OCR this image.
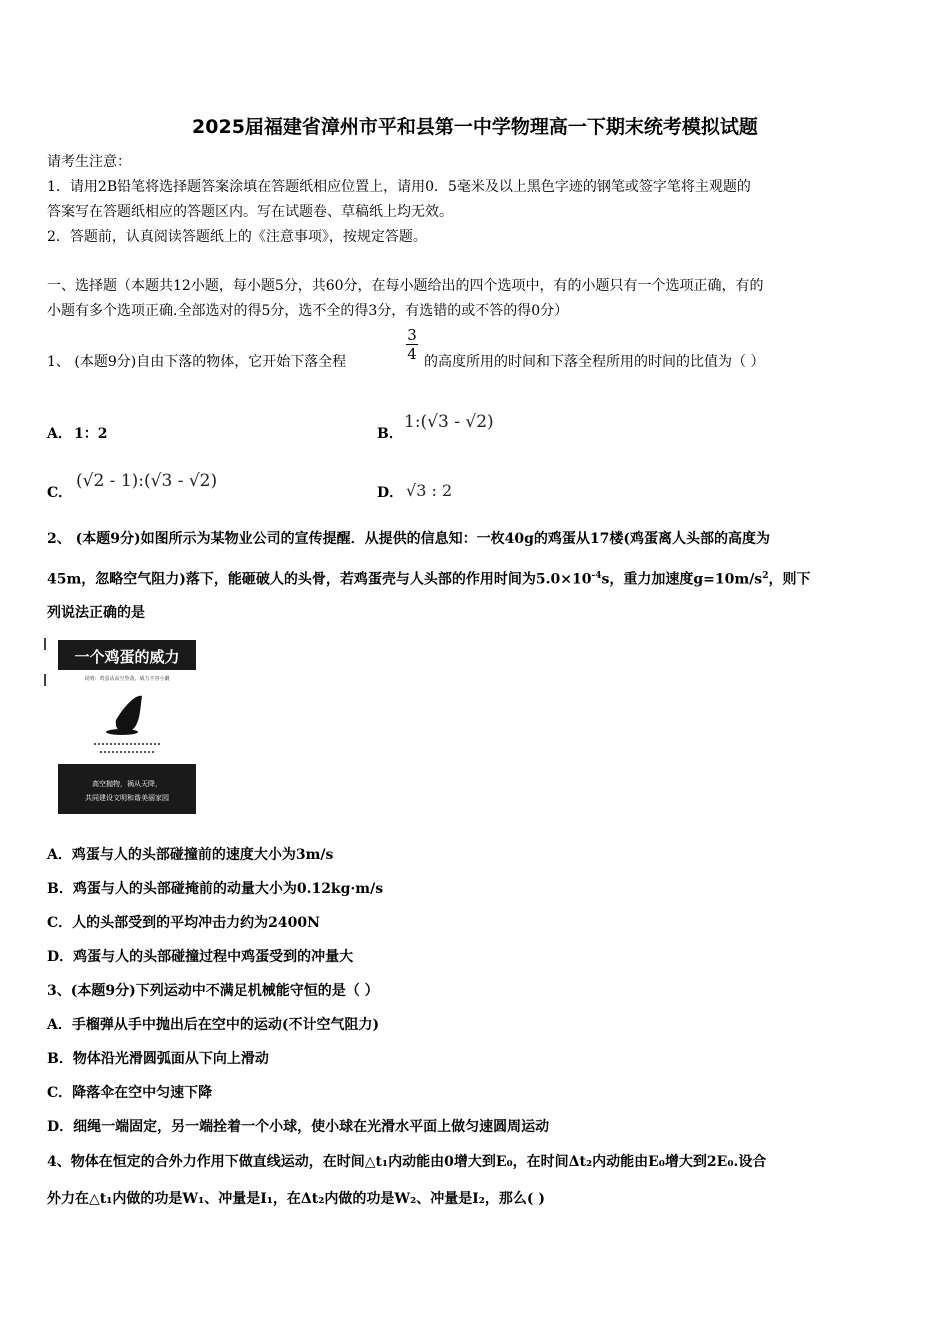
2025届福建省漳州市平和县第一中学物理高一下期末统考模拟试题
请考生注意：
1．请用2B铅笔将选择题答案涂填在答题纸相应位置上，请用0．5毫米及以上黑色字迹的钢笔或签字笔将主观题的
答案写在答题纸相应的答题区内。写在试题卷、草稿纸上均无效。
2．答题前，认真阅读答题纸上的《注意事项》，按规定答题。
一、选择题（本题共12小题，每小题5分，共60分，在每小题给出的四个选项中，有的小题只有一个选项正确，有的
小题有多个选项正确.全部选对的得5分，选不全的得3分，有选错的或不答的得0分）
1、 (本题9分)自由下落的物体，它开始下落全程
3
4 的高度所用的时间和下落全程所用的时间的比值为（ ）
A． 1：2	B．
1:(√3 - √2)
C．
(√2 - 1):(√3 - √2)
D． √3 : 2
2、 (本题9分)如图所示为某物业公司的宣传提醒．从提供的信息知：一枚40g的鸡蛋从17楼(鸡蛋离人头部的高度为
45m，忽略空气阻力)落下，能砸破人的头骨，若鸡蛋壳与人头部的作用时间为$5.0\times 10^{-4}s$，重力加速度$g=10m/s^2$，则下
列说法正确的是
一个鸡蛋的威力
说明：鸡蛋从高空坠落，威力不容小觑
高空抛物，祸从天降，
共同建设文明和谐美丽家园
A．鸡蛋与人的头部碰撞前的速度大小为3m/s
B．鸡蛋与人的头部碰掩前的动量大小为0.12kg·m/s
C．人的头部受到的平均冲击力约为2400N
D．鸡蛋与人的头部碰撞过程中鸡蛋受到的冲量大
3、(本题9分)下列运动中不满足机械能守恒的是（ ）
A．手榴弹从手中抛出后在空中的运动(不计空气阻力)
B．物体沿光滑圆弧面从下向上滑动
C．降落伞在空中匀速下降
D．细绳一端固定，另一端拴着一个小球，使小球在光滑水平面上做匀速圆周运动
4、物体在恒定的合外力作用下做直线运动，在时间△t₁内动能由0增大到E₀，在时间Δt₂内动能由E₀增大到2E₀.设合
外力在△t₁内做的功是W₁、冲量是I₁，在Δt₂内做的功是W₂、冲量是I₂，那么( )
